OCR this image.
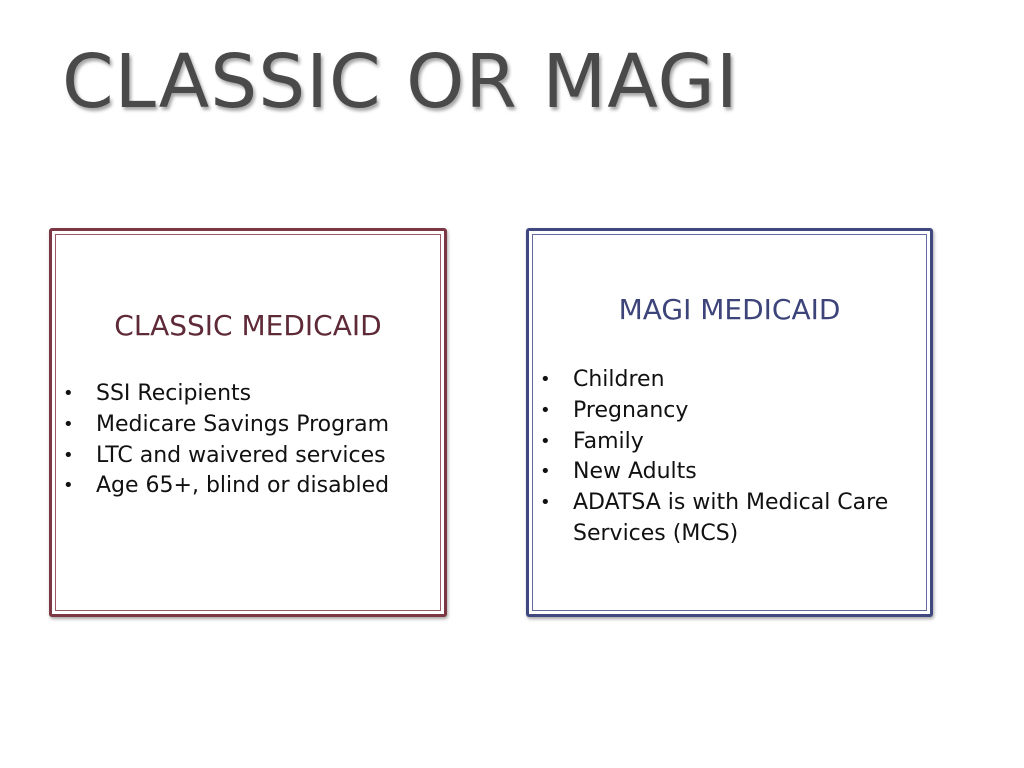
CLASSIC OR MAGI
CLASSIC MEDICAID
• SSI Recipients
• Medicare Savings Program
• LTC and waivered services
• Age 65+, blind or disabled
MAGI MEDICAID
• Children
• Pregnancy
• Family
• New Adults
• ADATSA is with Medical Care Services (MCS)
